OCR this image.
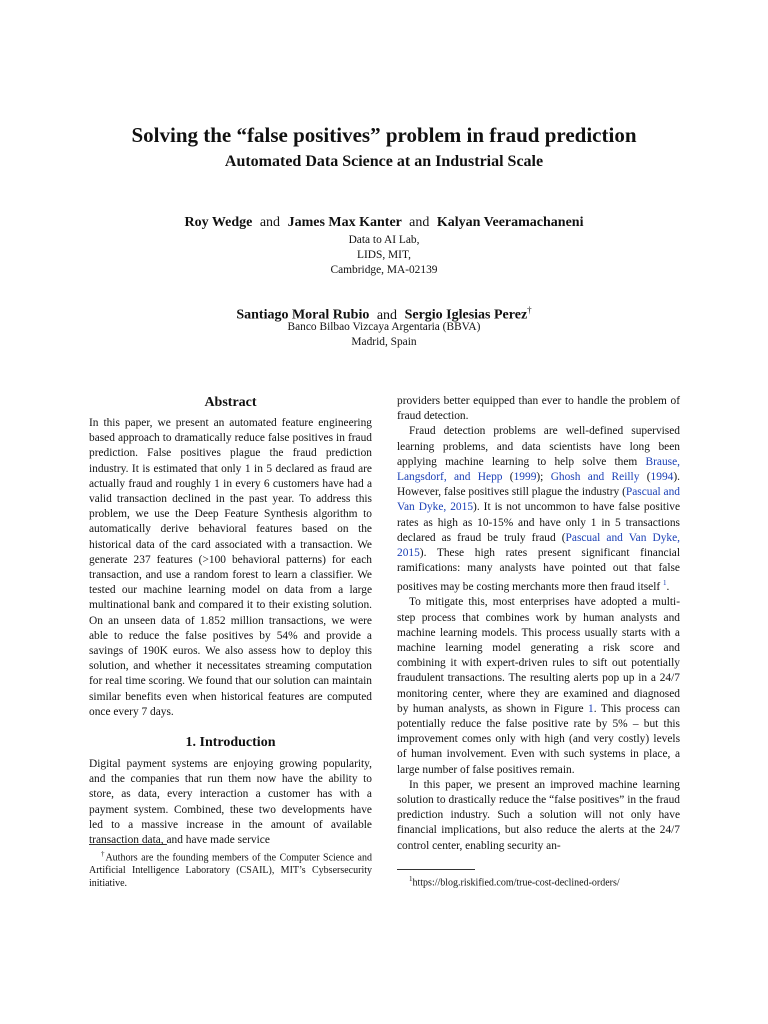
Solving the “false positives” problem in fraud prediction
Automated Data Science at an Industrial Scale
Roy Wedge and James Max Kanter and Kalyan Veeramachaneni
Data to AI Lab,
LIDS, MIT,
Cambridge, MA-02139
Santiago Moral Rubio and Sergio Iglesias Perez†
Banco Bilbao Vizcaya Argentaria (BBVA)
Madrid, Spain
Abstract

In this paper, we present an automated feature engineering based approach to dramatically reduce false positives in fraud prediction. False positives plague the fraud prediction industry. It is estimated that only 1 in 5 declared as fraud are actually fraud and roughly 1 in every 6 customers have had a valid transaction declined in the past year. To address this problem, we use the Deep Feature Synthesis algorithm to automatically derive behavioral features based on the historical data of the card associated with a transaction. We generate 237 features (>100 behavioral patterns) for each transaction, and use a random forest to learn a classifier. We tested our machine learning model on data from a large multinational bank and compared it to their existing solution. On an unseen data of 1.852 million transactions, we were able to reduce the false positives by 54% and provide a savings of 190K euros. We also assess how to deploy this solution, and whether it necessitates streaming computation for real time scoring. We found that our solution can maintain similar benefits even when historical features are computed once every 7 days.

1. Introduction

Digital payment systems are enjoying growing popularity, and the companies that run them now have the ability to store, as data, every interaction a customer has with a payment system. Combined, these two developments have led to a massive increase in the amount of available transaction data, and have made service

†Authors are the founding members of the Computer Science and Artificial Intelligence Laboratory (CSAIL), MIT’s Cybsersecurity initiative.

providers better equipped than ever to handle the problem of fraud detection.

Fraud detection problems are well-defined supervised learning problems, and data scientists have long been applying machine learning to help solve them Brause, Langsdorf, and Hepp (1999); Ghosh and Reilly (1994). However, false positives still plague the industry (Pascual and Van Dyke, 2015). It is not uncommon to have false positive rates as high as 10-15% and have only 1 in 5 transactions declared as fraud be truly fraud (Pascual and Van Dyke, 2015). These high rates present significant financial ramifications: many analysts have pointed out that false positives may be costing merchants more then fraud itself $^1$.

To mitigate this, most enterprises have adopted a multi-step process that combines work by human analysts and machine learning models. This process usually starts with a machine learning model generating a risk score and combining it with expert-driven rules to sift out potentially fraudulent transactions. The resulting alerts pop up in a 24/7 monitoring center, where they are examined and diagnosed by human analysts, as shown in Figure 1. This process can potentially reduce the false positive rate by 5% – but this improvement comes only with high (and very costly) levels of human involvement. Even with such systems in place, a large number of false positives remain.

In this paper, we present an improved machine learning solution to drastically reduce the “false positives” in the fraud prediction industry. Such a solution will not only have financial implications, but also reduce the alerts at the 24/7 control center, enabling security an-

$^1$https://blog.riskified.com/true-cost-declined-orders/
